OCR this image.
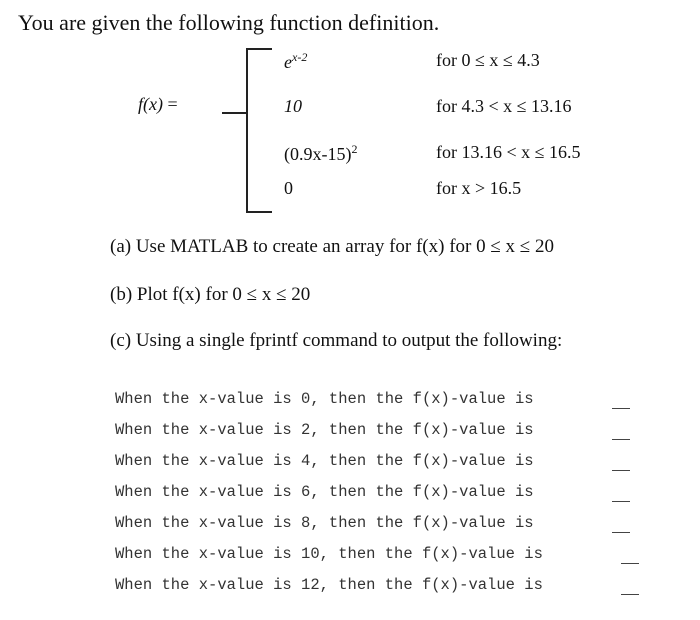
You are given the following function definition.
f(x) =
$e^{x-2}$
10
$(0.9x-15)^2$
0
for 0 ≤ x ≤ 4.3
for 4.3 < x ≤ 13.16
for 13.16 < x ≤ 16.5
for x > 16.5
(a) Use MATLAB to create an array for f(x) for 0 ≤ x ≤ 20
(b) Plot f(x) for 0 ≤ x ≤ 20
(c) Using a single fprintf command to output the following:
When the x-value is 0, then the f(x)-value is
When the x-value is 2, then the f(x)-value is
When the x-value is 4, then the f(x)-value is
When the x-value is 6, then the f(x)-value is
When the x-value is 8, then the f(x)-value is
When the x-value is 10, then the f(x)-value is
When the x-value is 12, then the f(x)-value is
